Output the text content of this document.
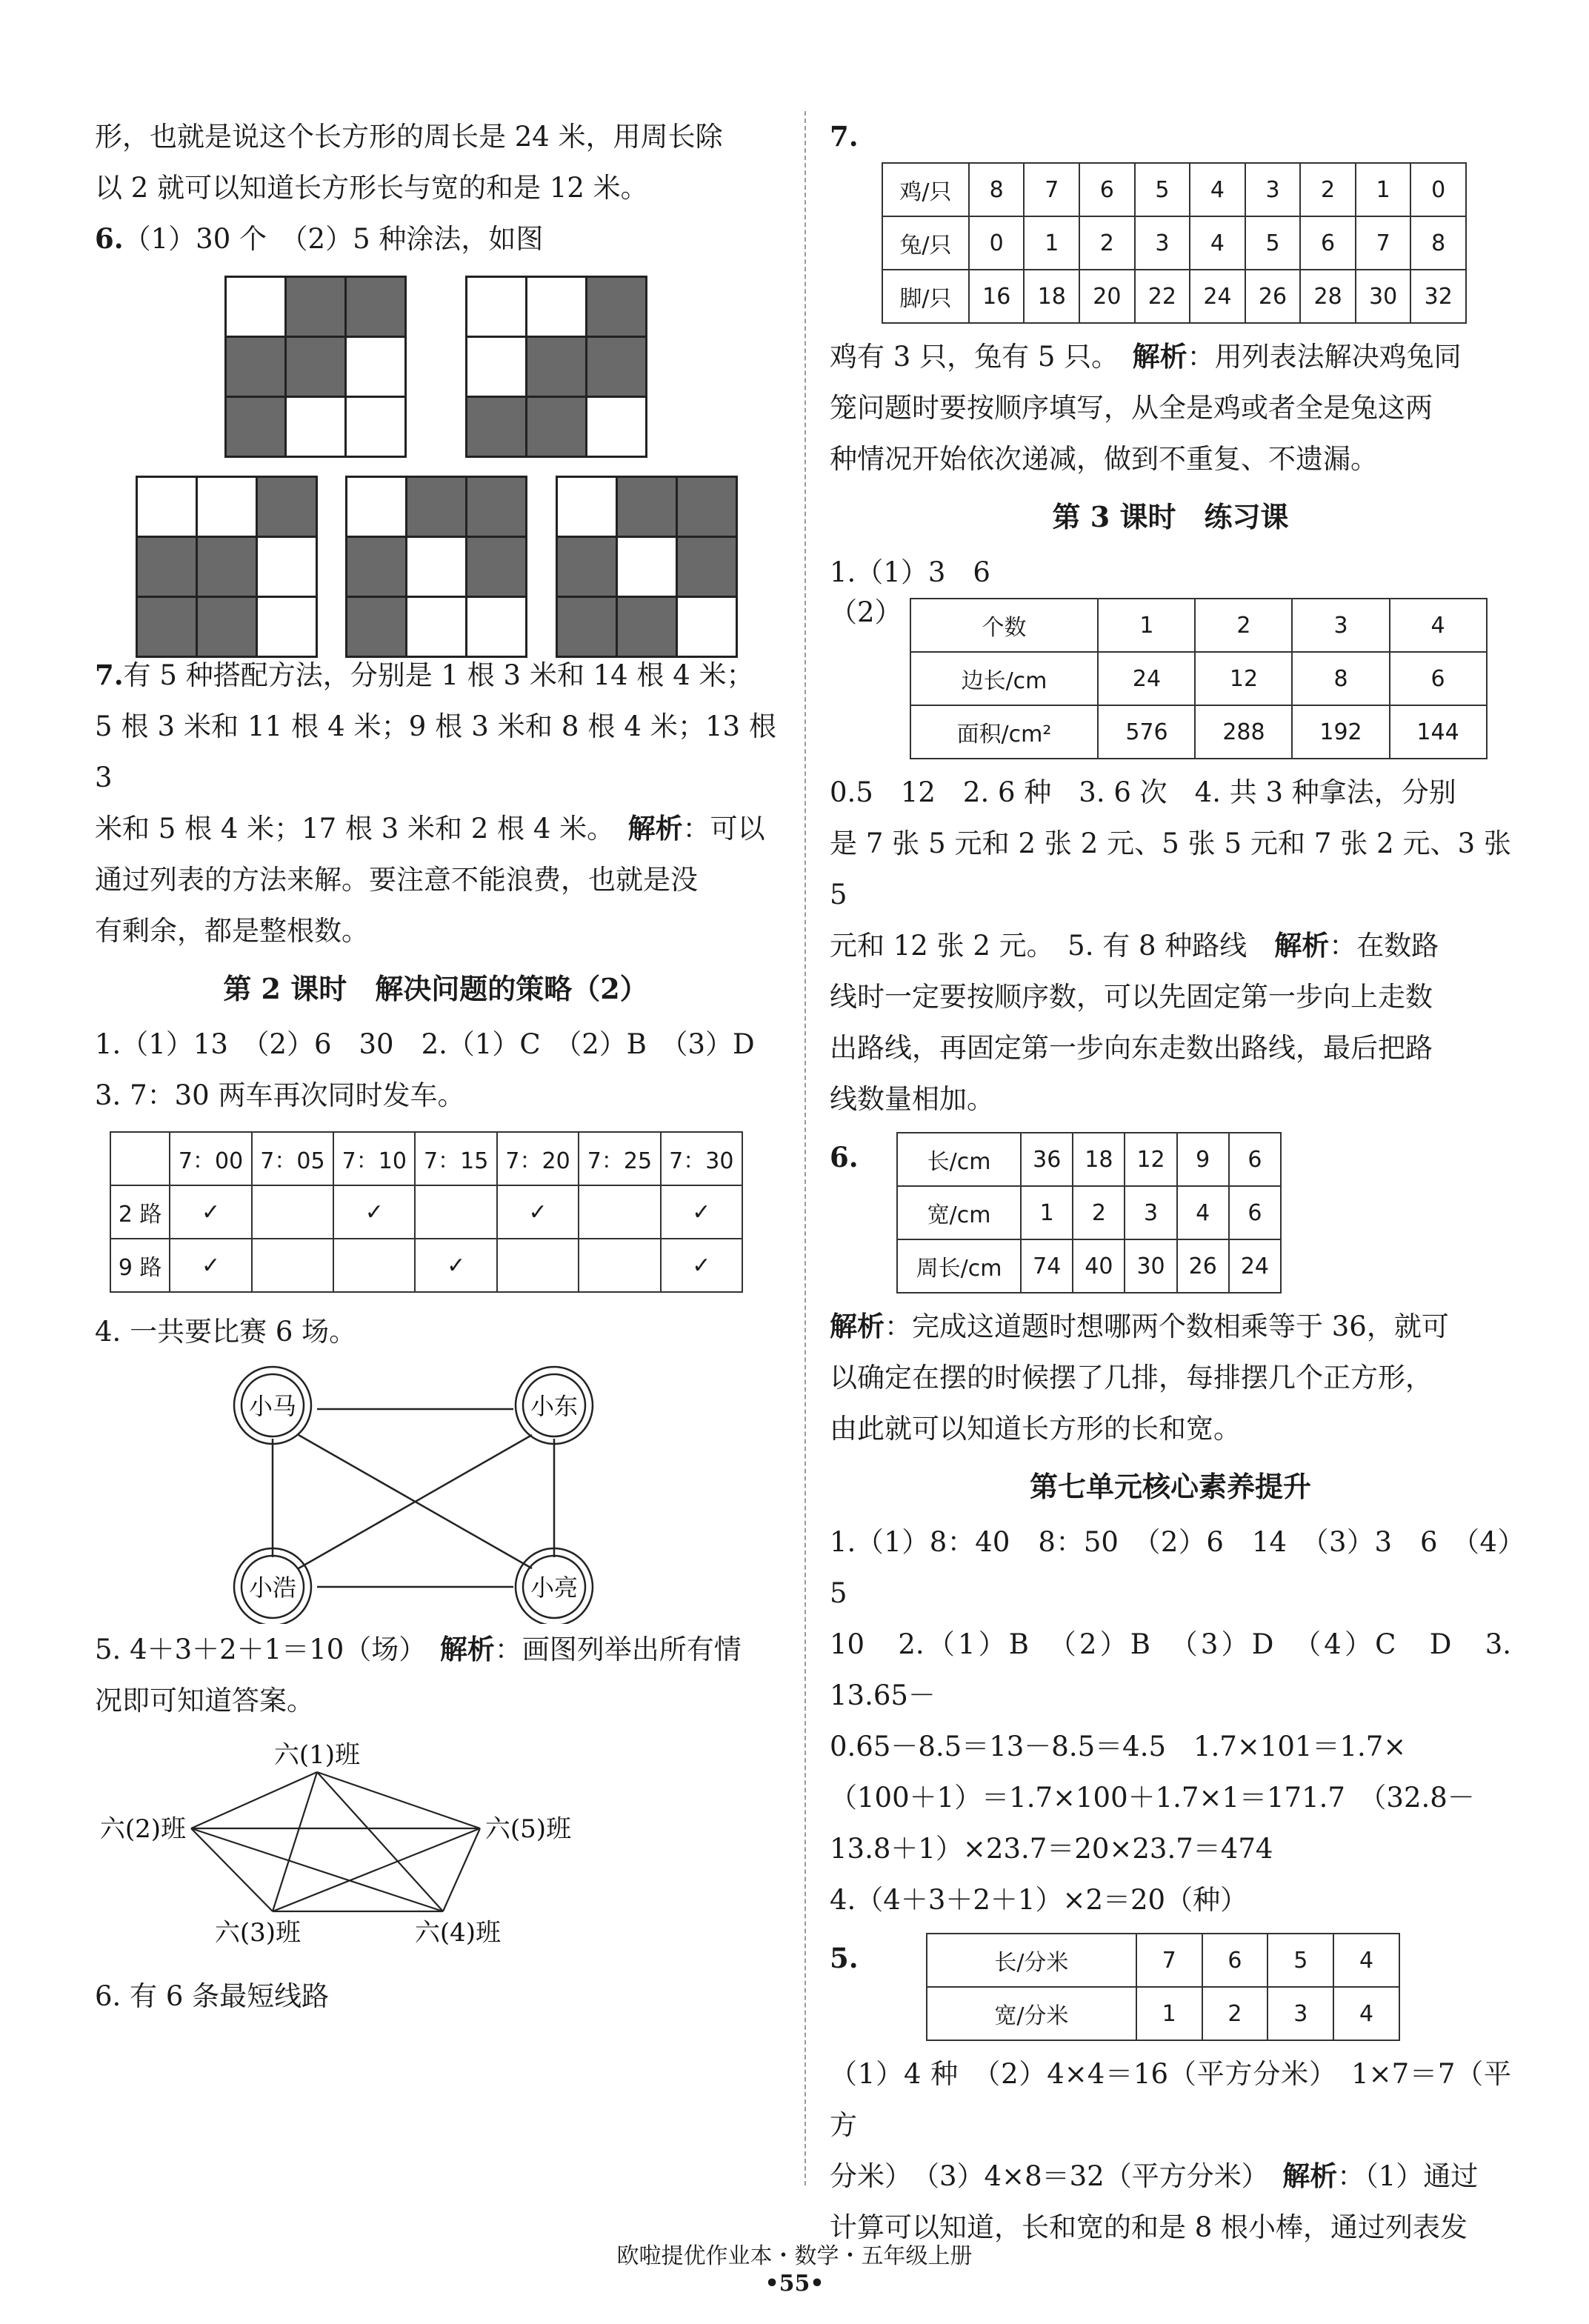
形，也就是说这个长方形的周长是 24 米，用周长除

以 2 就可以知道长方形长与宽的和是 12 米。

6.（1）30 个　（2）5 种涂法，如图

7.有 5 种搭配方法，分别是 1 根 3 米和 14 根 4 米；

5 根 3 米和 11 根 4 米；9 根 3 米和 8 根 4 米；13 根 3

米和 5 根 4 米；17 根 3 米和 2 根 4 米。　解析：可以

通过列表的方法来解。要注意不能浪费，也就是没

有剩余，都是整根数。

第 2 课时　解决问题的策略（2）

1.（1）13　（2）6　30　2.（1）C　（2）B　（3）D

3. 7：30 两车再次同时发车。

	7：00	7：05	7：10	7：15	7：20	7：25	7：30
2 路	✓		✓		✓		✓
9 路	✓			✓			✓

4. 一共要比赛 6 场。

小马	小东
小浩	小亮

5. 4＋3＋2＋1＝10（场）　解析：画图列举出所有情

况即可知道答案。

六(1)班
六(2)班	六(5)班
六(3)班	六(4)班

6. 有 6 条最短线路

7.

鸡/只	8	7	6	5	4	3	2	1	0
兔/只	0	1	2	3	4	5	6	7	8
脚/只	16	18	20	22	24	26	28	30	32

鸡有 3 只，兔有 5 只。　解析：用列表法解决鸡兔同

笼问题时要按顺序填写，从全是鸡或者全是兔这两

种情况开始依次递减，做到不重复、不遗漏。

第 3 课时　练习课

1.（1）3　6

（2）	个数	1	2	3	4
边长/cm	24	12	8	6
面积/cm²	576	288	192	144

0.5　12　2. 6 种　3. 6 次　4. 共 3 种拿法，分别

是 7 张 5 元和 2 张 2 元、5 张 5 元和 7 张 2 元、3 张 5

元和 12 张 2 元。　5. 有 8 种路线　解析：在数路

线时一定要按顺序数，可以先固定第一步向上走数

出路线，再固定第一步向东走数出路线，最后把路

线数量相加。

6.	长/cm	36	18	12	9	6
宽/cm	1	2	3	4	6
周长/cm	74	40	30	26	24

解析：完成这道题时想哪两个数相乘等于 36，就可

以确定在摆的时候摆了几排，每排摆几个正方形，

由此就可以知道长方形的长和宽。

第七单元核心素养提升

1.（1）8：40　8：50　（2）6　14　（3）3　6　（4）5

10　2.（1）B　（2）B　（3）D　（4）C　D　3. 13.65－

0.65－8.5＝13－8.5＝4.5　1.7×101＝1.7×

（100＋1）＝1.7×100＋1.7×1＝171.7　（32.8－

13.8＋1）×23.7＝20×23.7＝474

4.（4＋3＋2＋1）×2＝20（种）

5.	长/分米	7	6	5	4
宽/分米	1	2	3	4

（1）4 种　（2）4×4＝16（平方分米）　1×7＝7（平方

分米）　（3）4×8＝32（平方分米）　解析：（1）通过

计算可以知道，长和宽的和是 8 根小棒，通过列表发

欧啦提优作业本・数学・五年级上册
•55•
